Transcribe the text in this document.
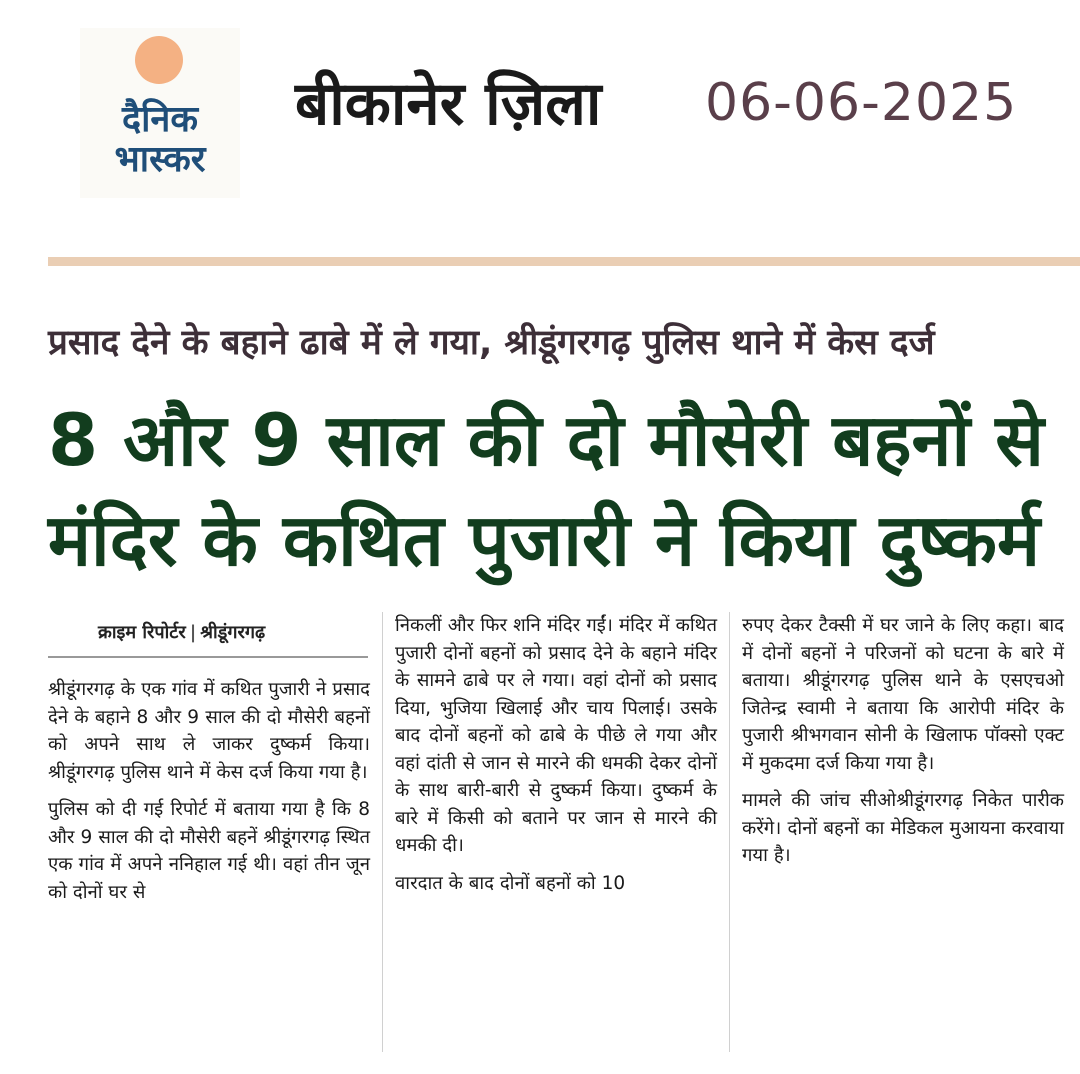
दैनिक
भास्कर
बीकानेर ज़िला 06-06-2025
प्रसाद देने के बहाने ढाबे में ले गया, श्रीडूंगरगढ़ पुलिस थाने में केस दर्ज
8 और 9 साल की दो मौसेरी बहनों से
मंदिर के कथित पुजारी ने किया दुष्कर्म
क्राइम रिपोर्टर | श्रीडूंगरगढ़

श्रीडूंगरगढ़ के एक गांव में कथित पुजारी ने प्रसाद देने के बहाने 8 और 9 साल की दो मौसेरी बहनों को अपने साथ ले जाकर दुष्कर्म किया। श्रीडूंगरगढ़ पुलिस थाने में केस दर्ज किया गया है।

पुलिस को दी गई रिपोर्ट में बताया गया है कि 8 और 9 साल की दो मौसेरी बहनें श्रीडूंगरगढ़ स्थित एक गांव में अपने ननिहाल गई थी। वहां तीन जून को दोनों घर से

निकलीं और फिर शनि मंदिर गईं। मंदिर में कथित पुजारी दोनों बहनों को प्रसाद देने के बहाने मंदिर के सामने ढाबे पर ले गया। वहां दोनों को प्रसाद दिया, भुजिया खिलाई और चाय पिलाई। उसके बाद दोनों बहनों को ढाबे के पीछे ले गया और वहां दांती से जान से मारने की धमकी देकर दोनों के साथ बारी-बारी से दुष्कर्म किया। दुष्कर्म के बारे में किसी को बताने पर जान से मारने की धमकी दी।

वारदात के बाद दोनों बहनों को 10

रुपए देकर टैक्सी में घर जाने के लिए कहा। बाद में दोनों बहनों ने परिजनों को घटना के बारे में बताया। श्रीडूंगरगढ़ पुलिस थाने के एसएचओ जितेन्द्र स्वामी ने बताया कि आरोपी मंदिर के पुजारी श्रीभगवान सोनी के खिलाफ पॉक्सो एक्ट में मुकदमा दर्ज किया गया है।

मामले की जांच सीओश्रीडूंगरगढ़ निकेत पारीक करेंगे। दोनों बहनों का मेडिकल मुआयना करवाया गया है।
